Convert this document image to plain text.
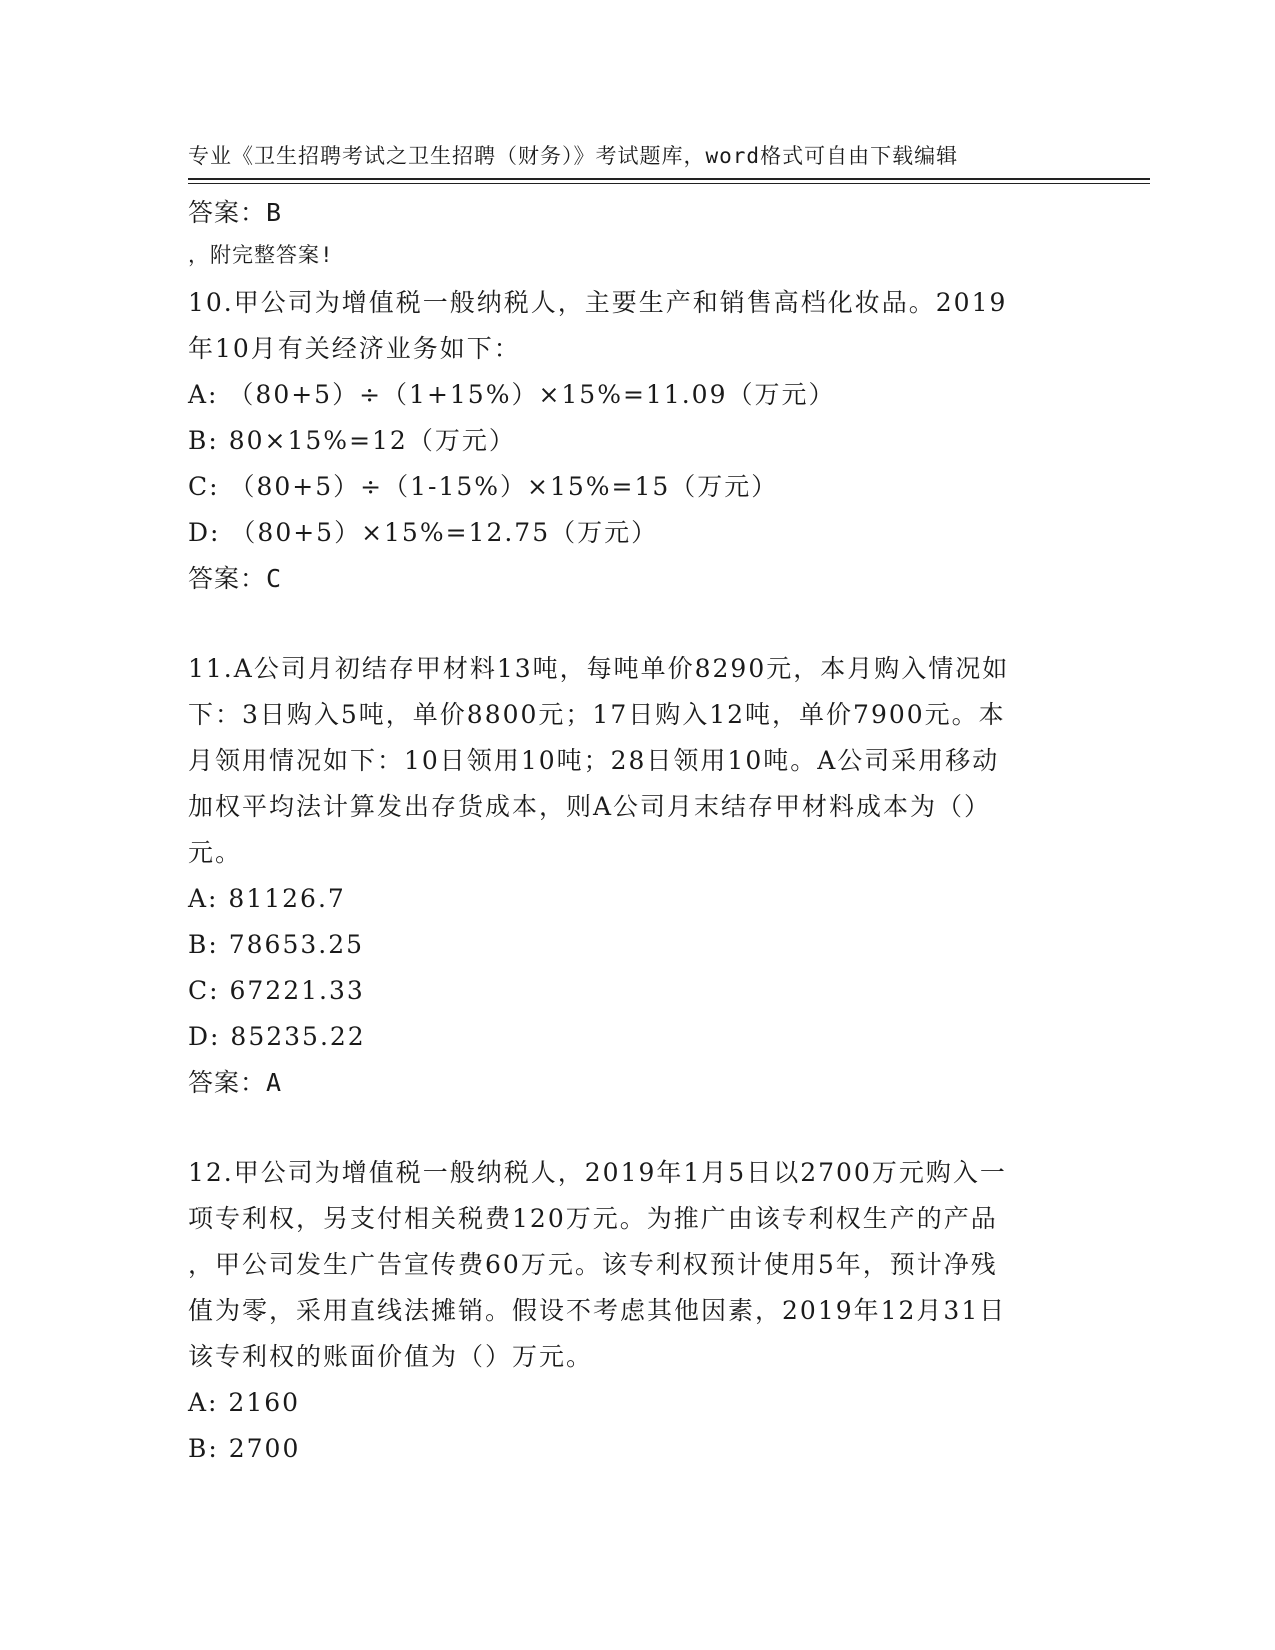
专业《卫生招聘考试之卫生招聘（财务）》考试题库，word格式可自由下载编辑

，附完整答案!

答案：B
10.甲公司为增值税一般纳税人，主要生产和销售高档化妆品。2019
年10月有关经济业务如下：
A: （80+5）÷（1+15%）×15%=11.09（万元）
B: 80×15%=12（万元）
C: （80+5）÷（1-15%）×15%=15（万元）
D: （80+5）×15%=12.75（万元）
答案：C
11.A公司月初结存甲材料13吨，每吨单价8290元，本月购入情况如
下：3日购入5吨，单价8800元；17日购入12吨，单价7900元。本
月领用情况如下：10日领用10吨；28日领用10吨。A公司采用移动
加权平均法计算发出存货成本，则A公司月末结存甲材料成本为（）
元。
A: 81126.7
B: 78653.25
C: 67221.33
D: 85235.22
答案：A
12.甲公司为增值税一般纳税人，2019年1月5日以2700万元购入一
项专利权，另支付相关税费120万元。为推广由该专利权生产的产品
，甲公司发生广告宣传费60万元。该专利权预计使用5年，预计净残
值为零，采用直线法摊销。假设不考虑其他因素，2019年12月31日
该专利权的账面价值为（）万元。
A: 2160
B: 2700
